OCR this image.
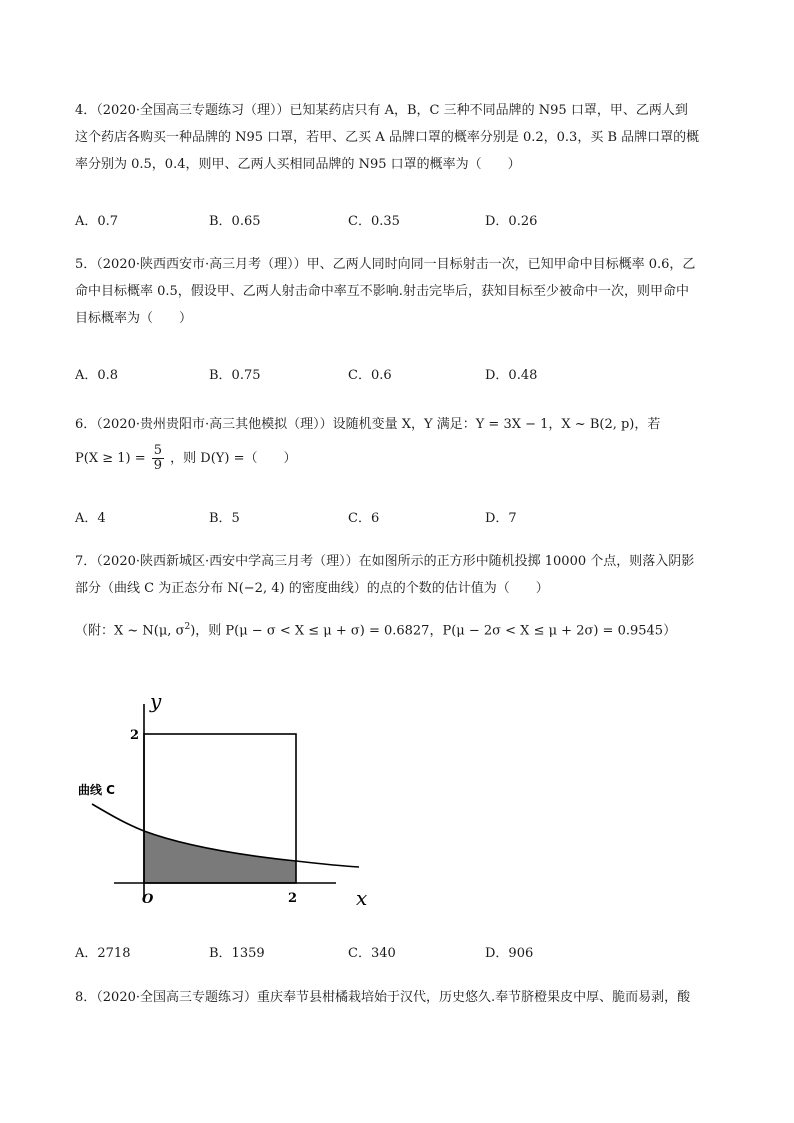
4．（2020·全国高三专题练习（理））已知某药店只有 A，B，C 三种不同品牌的 N95 口罩，甲、乙两人到
这个药店各购买一种品牌的 N95 口罩，若甲、乙买 A 品牌口罩的概率分别是 0.2，0.3，买 B 品牌口罩的概
率分别为 0.5，0.4，则甲、乙两人买相同品牌的 N95 口罩的概率为（　　）
A．0.7	B．0.65	C．0.35	D．0.26
5．（2020·陕西西安市·高三月考（理））甲、乙两人同时向同一目标射击一次，已知甲命中目标概率 0.6，乙
命中目标概率 0.5，假设甲、乙两人射击命中率互不影响.射击完毕后，获知目标至少被命中一次，则甲命中
目标概率为（　　）
A．0.8	B．0.75	C．0.6	D．0.48
6．（2020·贵州贵阳市·高三其他模拟（理））设随机变量 X，Y 满足：Y = 3X − 1，X ~ B(2, p)，若
$P(X \ge 1) = \frac{5}{9}$ ，则 D(Y) =（　　）
A．4	B．5	C．6	D．7
7．（2020·陕西新城区·西安中学高三月考（理））在如图所示的正方形中随机投掷 10000 个点，则落入阴影
部分（曲线 C 为正态分布 N(−2, 4) 的密度曲线）的点的个数的估计值为（　　）
（附：X ~ N(μ, $\sigma^2$)，则 P(μ − σ < X ≤ μ + σ) = 0.6827，P(μ − 2σ < X ≤ μ + 2σ) = 0.9545）
y
x
O	2
2
曲线 C
A．2718	B．1359	C．340	D．906
8．（2020·全国高三专题练习）重庆奉节县柑橘栽培始于汉代，历史悠久.奉节脐橙果皮中厚、脆而易剥，酸
